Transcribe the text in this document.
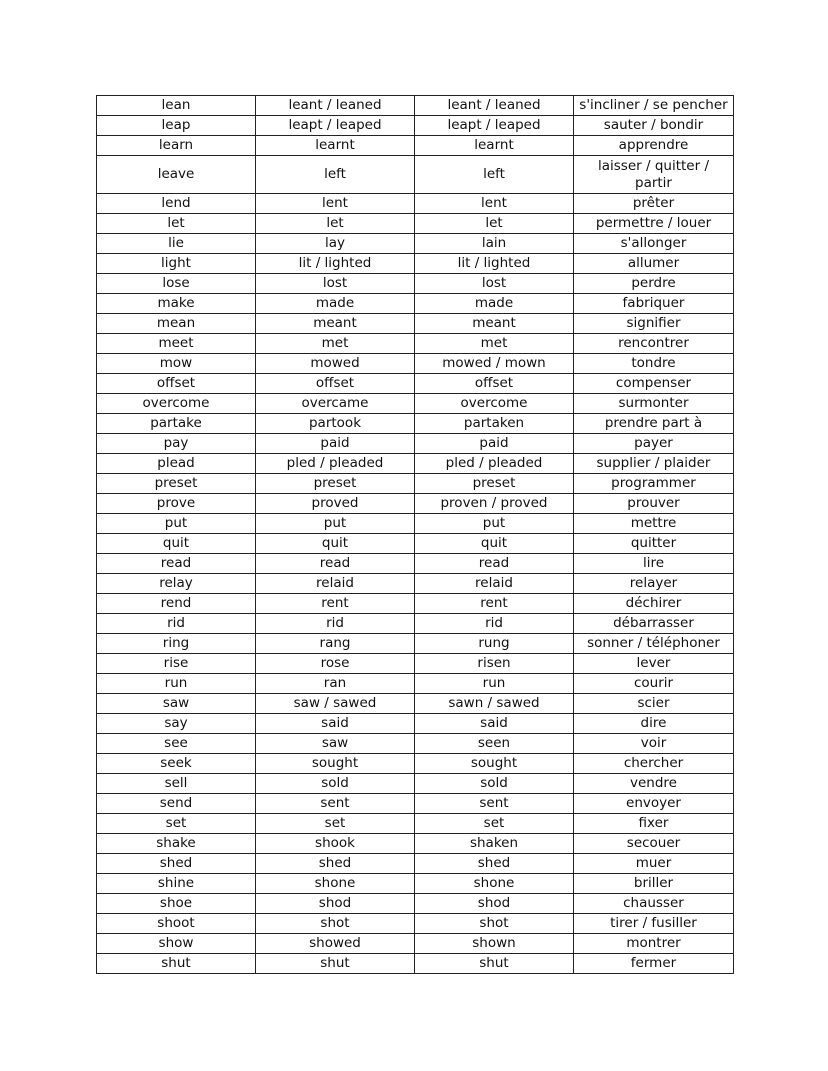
lean	leant / leaned	leant / leaned	s'incliner / se pencher
leap	leapt / leaped	leapt / leaped	sauter / bondir
learn	learnt	learnt	apprendre
leave	left	left	laisser / quitter / partir
lend	lent	lent	prêter
let	let	let	permettre / louer
lie	lay	lain	s'allonger
light	lit / lighted	lit / lighted	allumer
lose	lost	lost	perdre
make	made	made	fabriquer
mean	meant	meant	signifier
meet	met	met	rencontrer
mow	mowed	mowed / mown	tondre
offset	offset	offset	compenser
overcome	overcame	overcome	surmonter
partake	partook	partaken	prendre part à
pay	paid	paid	payer
plead	pled / pleaded	pled / pleaded	supplier / plaider
preset	preset	preset	programmer
prove	proved	proven / proved	prouver
put	put	put	mettre
quit	quit	quit	quitter
read	read	read	lire
relay	relaid	relaid	relayer
rend	rent	rent	déchirer
rid	rid	rid	débarrasser
ring	rang	rung	sonner / téléphoner
rise	rose	risen	lever
run	ran	run	courir
saw	saw / sawed	sawn / sawed	scier
say	said	said	dire
see	saw	seen	voir
seek	sought	sought	chercher
sell	sold	sold	vendre
send	sent	sent	envoyer
set	set	set	fixer
shake	shook	shaken	secouer
shed	shed	shed	muer
shine	shone	shone	briller
shoe	shod	shod	chausser
shoot	shot	shot	tirer / fusiller
show	showed	shown	montrer
shut	shut	shut	fermer
